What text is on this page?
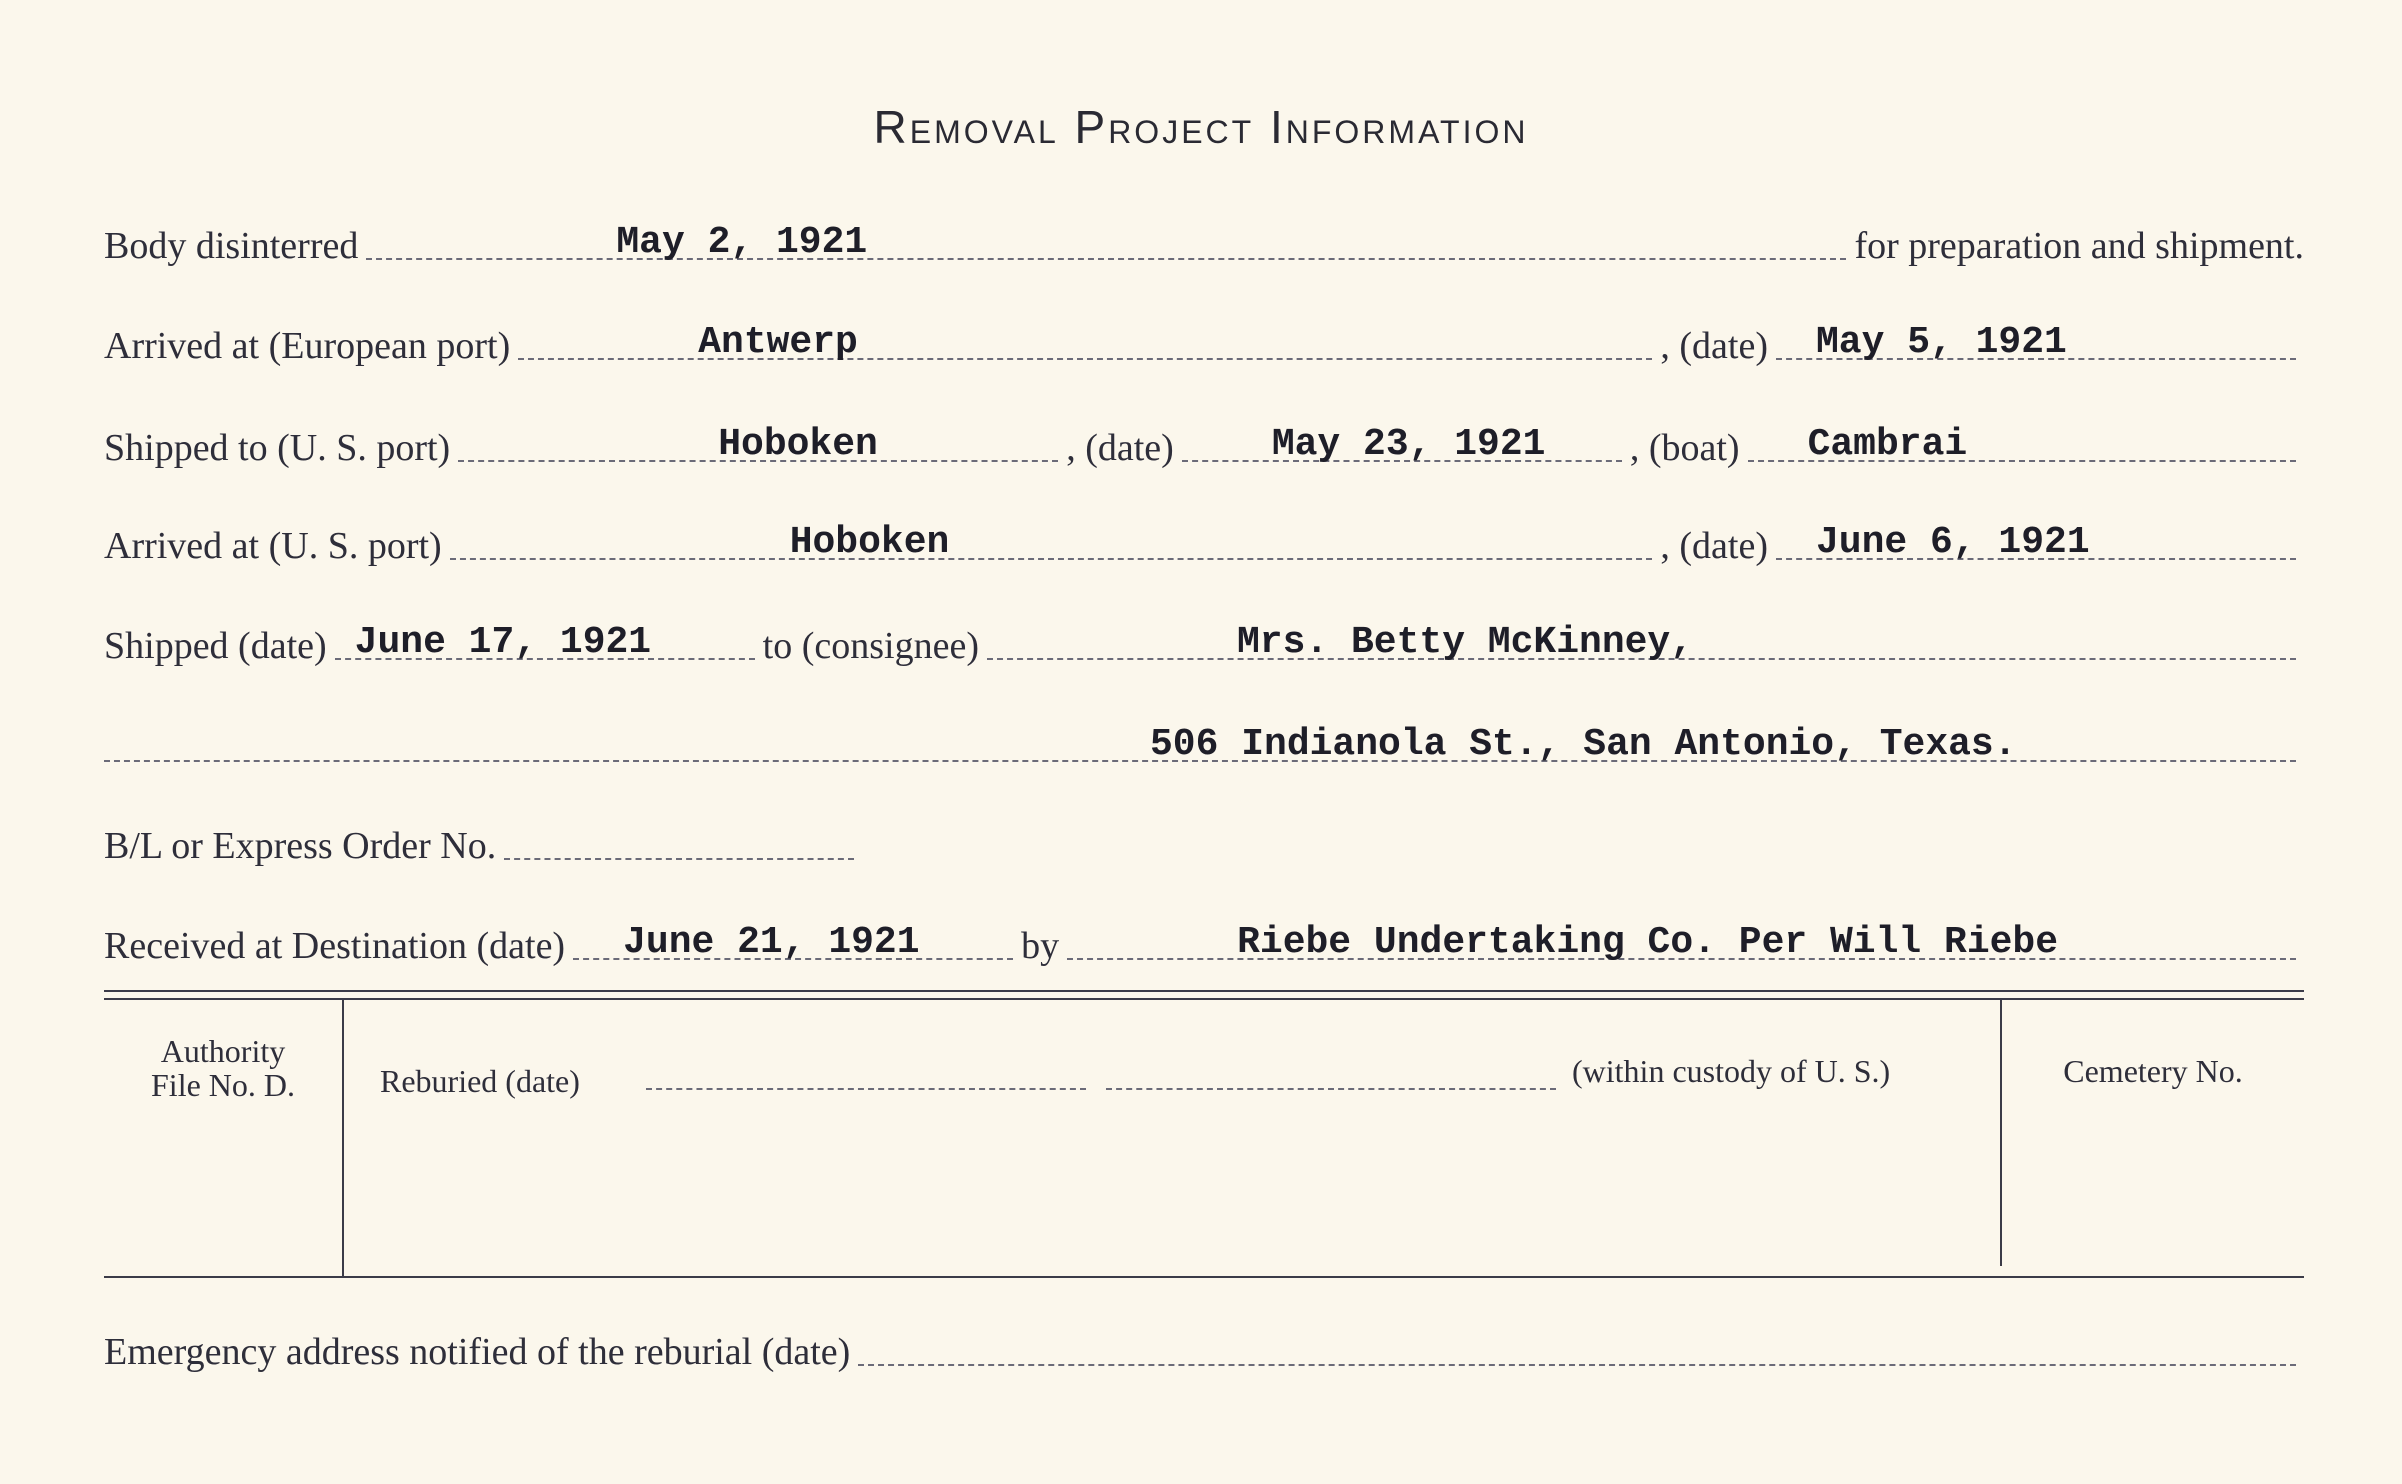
Removal Project Information
Body disinterred	May 2, 1921	for preparation and shipment.
Arrived at (European port)	Antwerp	, (date) May 5, 1921
Shipped to (U. S. port)	Hoboken	, (date)	May 23, 1921 , (boat) Cambrai
Arrived at (U. S. port)	Hoboken	, (date) June 6, 1921
Shipped (date) June 17, 1921	to (consignee)	Mrs. Betty McKinney,
506 Indianola St., San Antonio, Texas.
B/L or Express Order No.
Received at Destination (date) June 21, 1921	by	Riebe Undertaking Co. Per Will Riebe
Authority
File No. D.	Reburied (date)	(within custody of U. S.)	Cemetery No.
Emergency address notified of the reburial (date)
